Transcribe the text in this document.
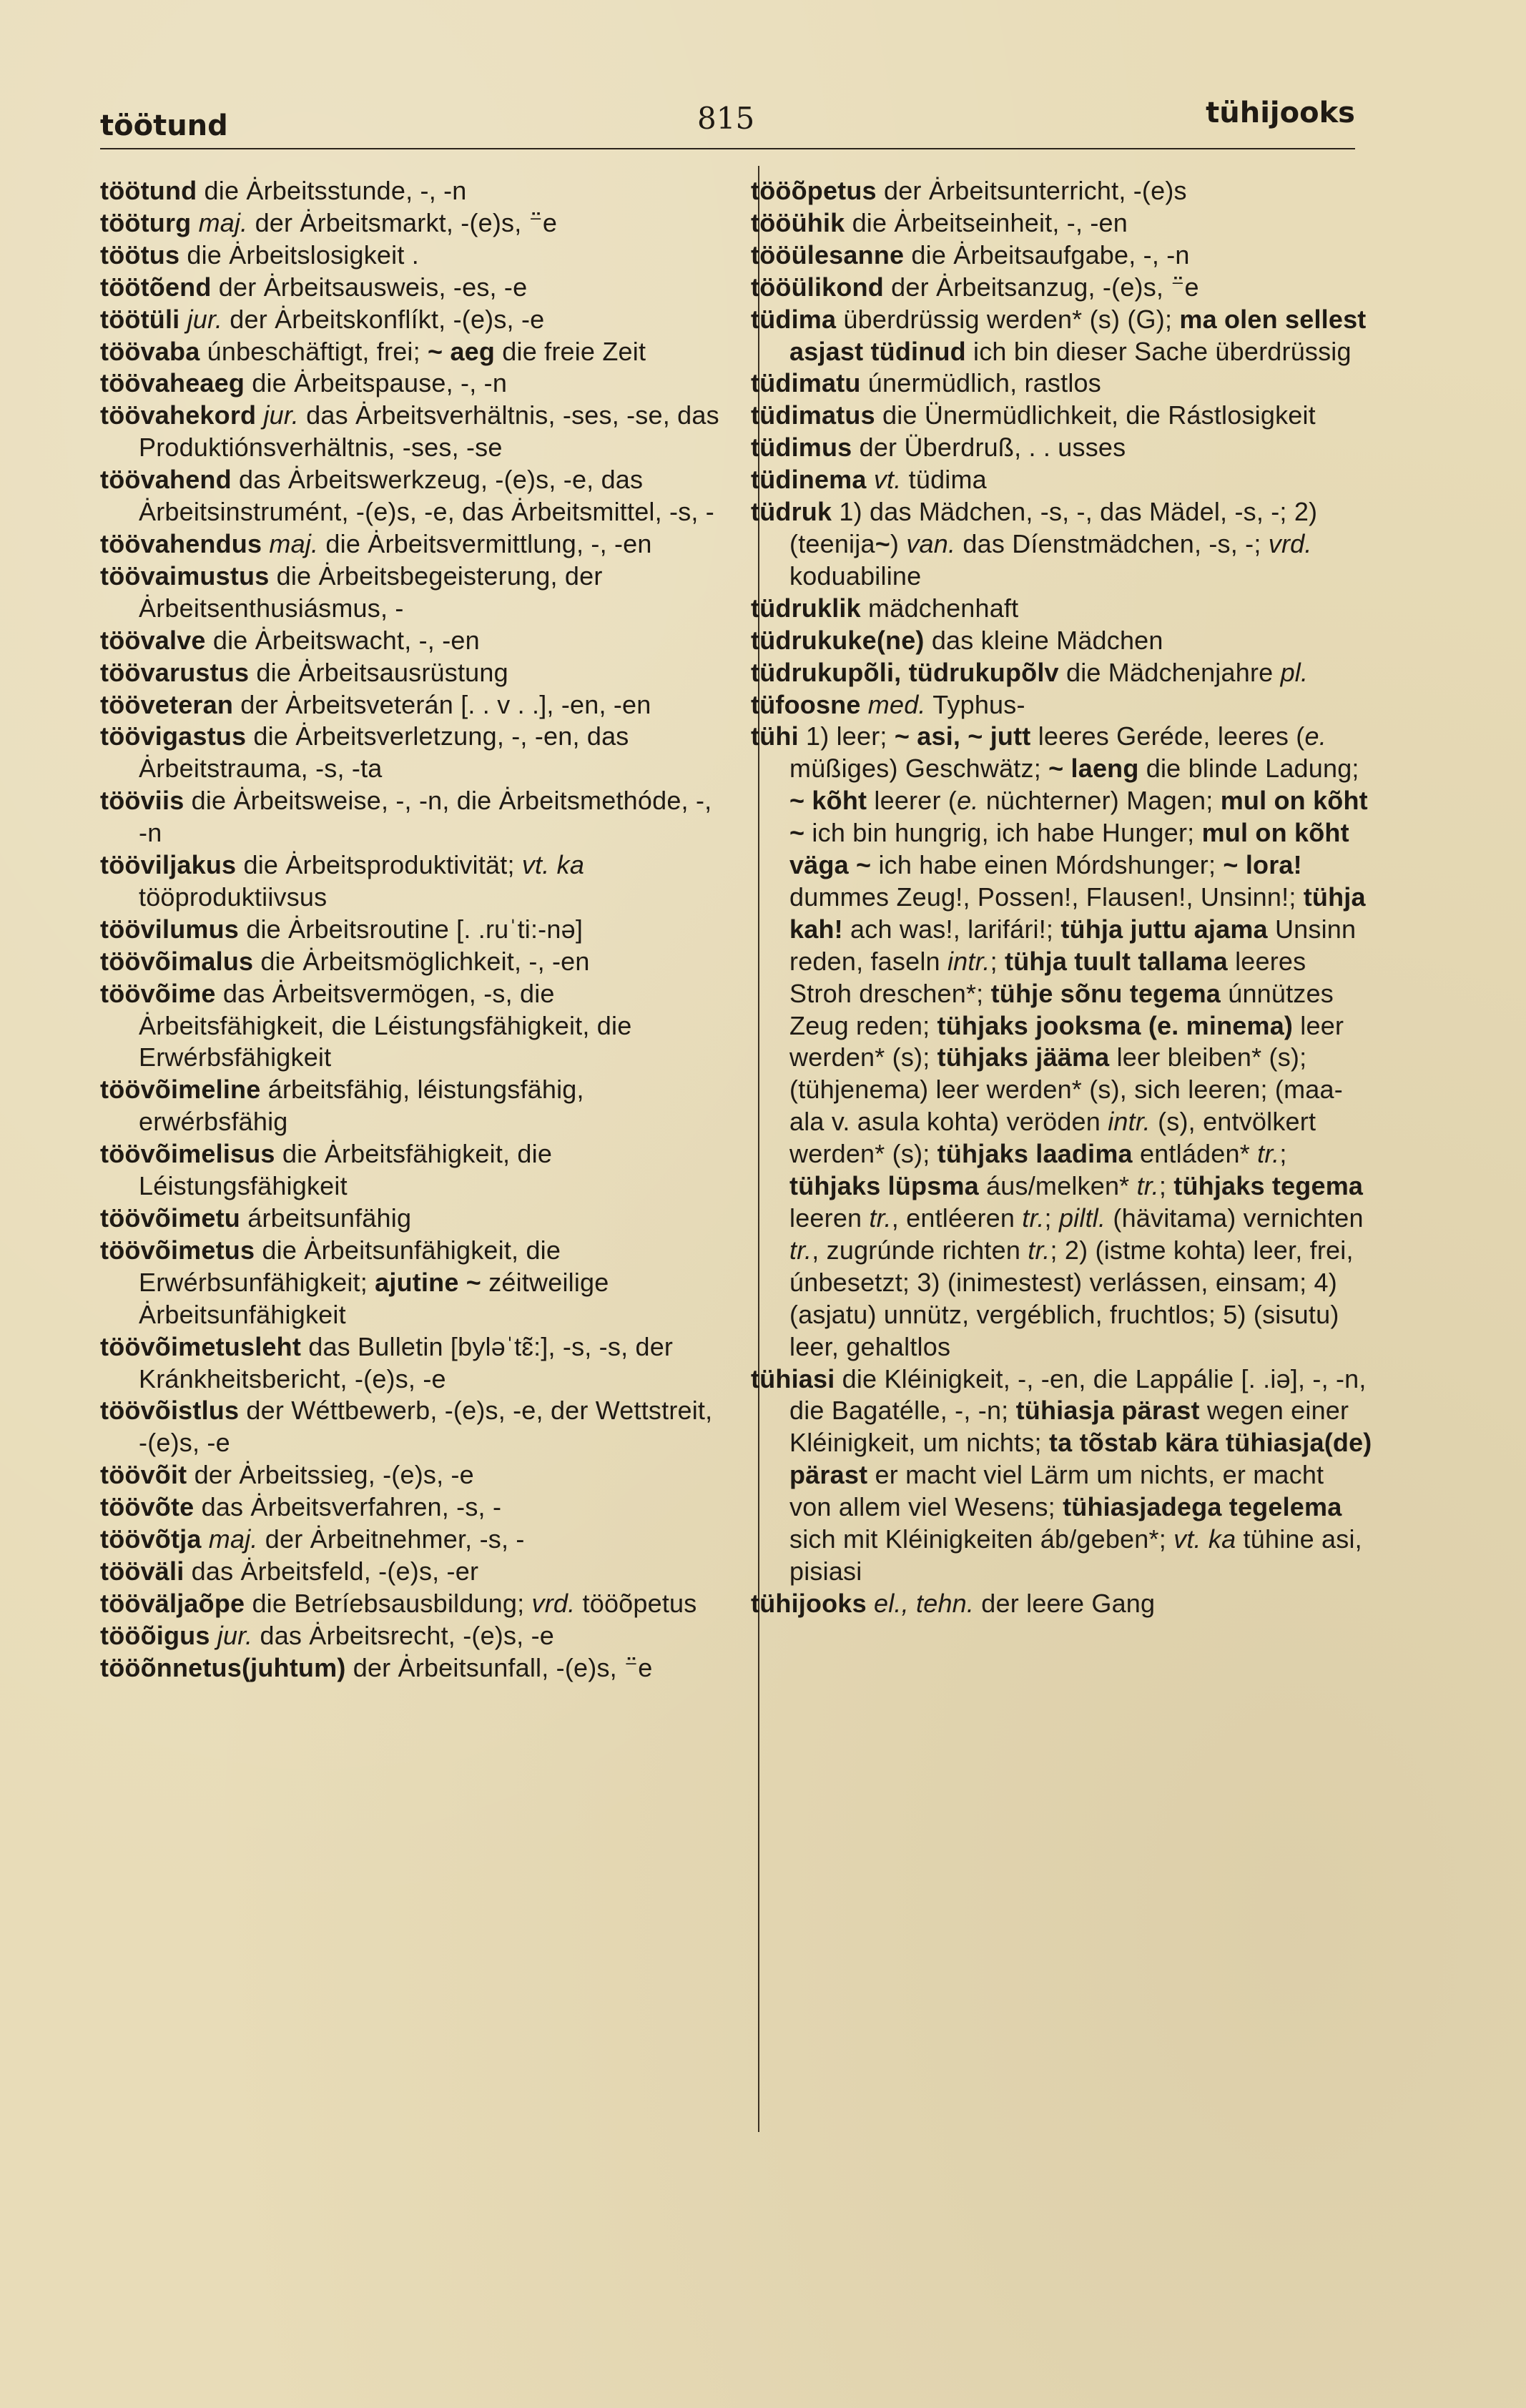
töötund	815	tühijooks

töötund die Ȧrbeitsstunde, -, -n

tööturg maj. der Ȧrbeitsmarkt, -(e)s, ⁻̈e

töötus die Ȧrbeitslosigkeit .

töötõend der Ȧrbeitsausweis, -es, -e

töötüli jur. der Ȧrbeitskonflíkt, -(e)s, -e

töövaba únbeschäftigt, frei; ~ aeg die freie Zeit

töövaheaeg die Ȧrbeitspause, -, -n

töövahekord jur. das Ȧrbeitsverhältnis, -ses, -se, das Produktiónsverhältnis, -ses, -se

töövahend das Ȧrbeitswerkzeug, -(e)s, -e, das Ȧrbeitsinstrumént, -(e)s, -e, das Ȧrbeitsmittel, -s, -

töövahendus maj. die Ȧrbeitsvermittlung, -, -en

töövaimustus die Ȧrbeitsbegeisterung, der Ȧrbeitsenthusiásmus, -

töövalve die Ȧrbeitswacht, -, -en

töövarustus die Ȧrbeitsausrüstung

tööveteran der Ȧrbeitsveterán [. . v . .], -en, -en

töövigastus die Ȧrbeitsverletzung, -, -en, das Ȧrbeitstrauma, -s, -ta

tööviis die Ȧrbeitsweise, -, -n, die Ȧrbeitsmethóde, -, -n

tööviljakus die Ȧrbeitsproduktivität; vt. ka tööproduktiivsus

töövilumus die Ȧrbeitsroutine [. .ruˈti:-nə]

töövõimalus die Ȧrbeitsmöglichkeit, -, -en

töövõime das Ȧrbeitsvermögen, -s, die Ȧrbeitsfähigkeit, die Léistungsfähigkeit, die Erwérbsfähigkeit

töövõimeline árbeitsfähig, léistungsfähig, erwérbsfähig

töövõimelisus die Ȧrbeitsfähigkeit, die Léistungsfähigkeit

töövõimetu árbeitsunfähig

töövõimetus die Ȧrbeitsunfähigkeit, die Erwérbsunfähigkeit; ajutine ~ zéitweilige Ȧrbeitsunfähigkeit

töövõimetusleht das Bulletin [bylǝˈtɛ̃:], -s, -s, der Kránkheitsbericht, -(e)s, -e

töövõistlus der Wéttbewerb, -(e)s, -e, der Wettstreit, -(e)s, -e

töövõit der Ȧrbeitssieg, -(e)s, -e

töövõte das Ȧrbeitsverfahren, -s, -

töövõtja maj. der Ȧrbeitnehmer, -s, -

tööväli das Ȧrbeitsfeld, -(e)s, -er

tööväljaõpe die Betríebsausbildung; vrd. tööõpetus

tööõigus jur. das Ȧrbeitsrecht, -(e)s, -e

tööõnnetus(juhtum) der Ȧrbeitsunfall, -(e)s, ⁻̈e

tööõpetus der Ȧrbeitsunterricht, -(e)s

tööühik die Ȧrbeitseinheit, -, -en

tööülesanne die Ȧrbeitsaufgabe, -, -n

tööülikond der Ȧrbeitsanzug, -(e)s, ⁻̈e

tüdima überdrüssig werden* (s) (G); ma olen sellest asjast tüdinud ich bin dieser Sache überdrüssig

tüdimatu únermüdlich, rastlos

tüdimatus die Ünermüdlichkeit, die Rástlosigkeit

tüdimus der Überdruß, . . usses

tüdinema vt. tüdima

tüdruk 1) das Mädchen, -s, -, das Mädel, -s, -; 2) (teenija~) van. das Díenstmädchen, -s, -; vrd. koduabiline

tüdruklik mädchenhaft

tüdrukuke(ne) das kleine Mädchen

tüdrukupõli, tüdrukupõlv die Mädchenjahre pl.

tüfoosne med. Typhus-

tühi 1) leer; ~ asi, ~ jutt leeres Geréde, leeres (e. müßiges) Geschwätz; ~ laeng die blinde Ladung; ~ kõht leerer (e. nüchterner) Magen; mul on kõht ~ ich bin hungrig, ich habe Hunger; mul on kõht väga ~ ich habe einen Mórdshunger; ~ lora! dummes Zeug!, Possen!, Flausen!, Unsinn!; tühja kah! ach was!, larifári!; tühja juttu ajama Unsinn reden, faseln intr.; tühja tuult tallama leeres Stroh dreschen*; tühje sõnu tegema únnützes Zeug reden; tühjaks jooksma (e. minema) leer werden* (s); tühjaks jääma leer bleiben* (s); (tühjenema) leer werden* (s), sich leeren; (maa-ala v. asula kohta) veröden intr. (s), entvölkert werden* (s); tühjaks laadima entláden* tr.; tühjaks lüpsma áus/melken* tr.; tühjaks tegema leeren tr., entléeren tr.; piltl. (hävitama) vernichten tr., zugrúnde richten tr.; 2) (istme kohta) leer, frei, únbesetzt; 3) (inimestest) verlássen, einsam; 4) (asjatu) unnütz, vergéblich, fruchtlos; 5) (sisutu) leer, gehaltlos

tühiasi die Kléinigkeit, -, -en, die Lappálie [. .iǝ], -, -n, die Bagatélle, -, -n; tühiasja pärast wegen einer Kléinigkeit, um nichts; ta tõstab kära tühiasja(de) pärast er macht viel Lärm um nichts, er macht von allem viel Wesens; tühiasjadega tegelema sich mit Kléinigkeiten áb/geben*; vt. ka tühine asi, pisiasi

tühijooks el., tehn. der leere Gang
